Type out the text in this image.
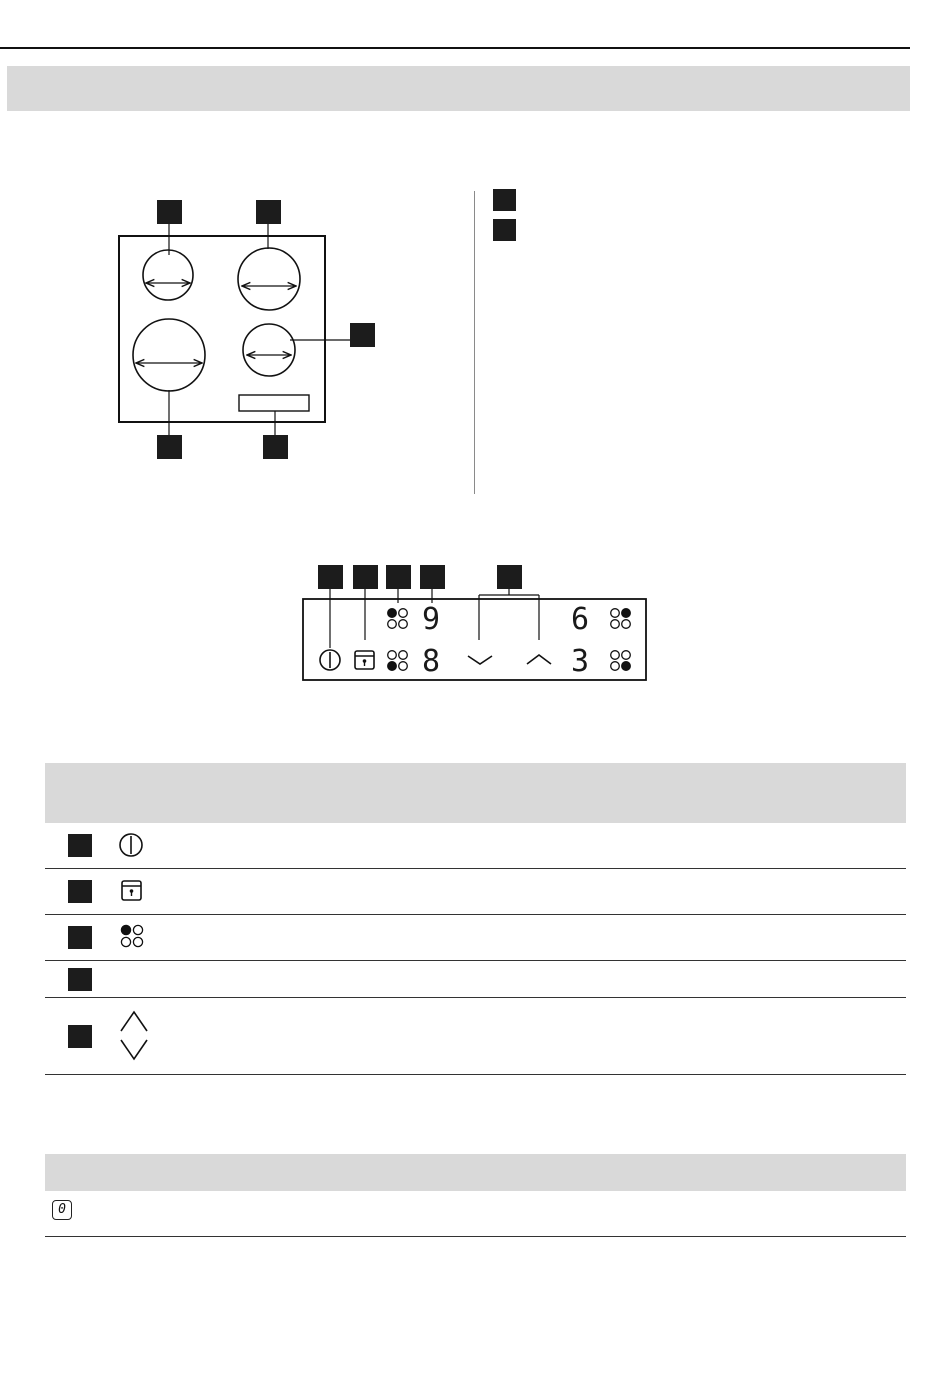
9
8
6
3
0
